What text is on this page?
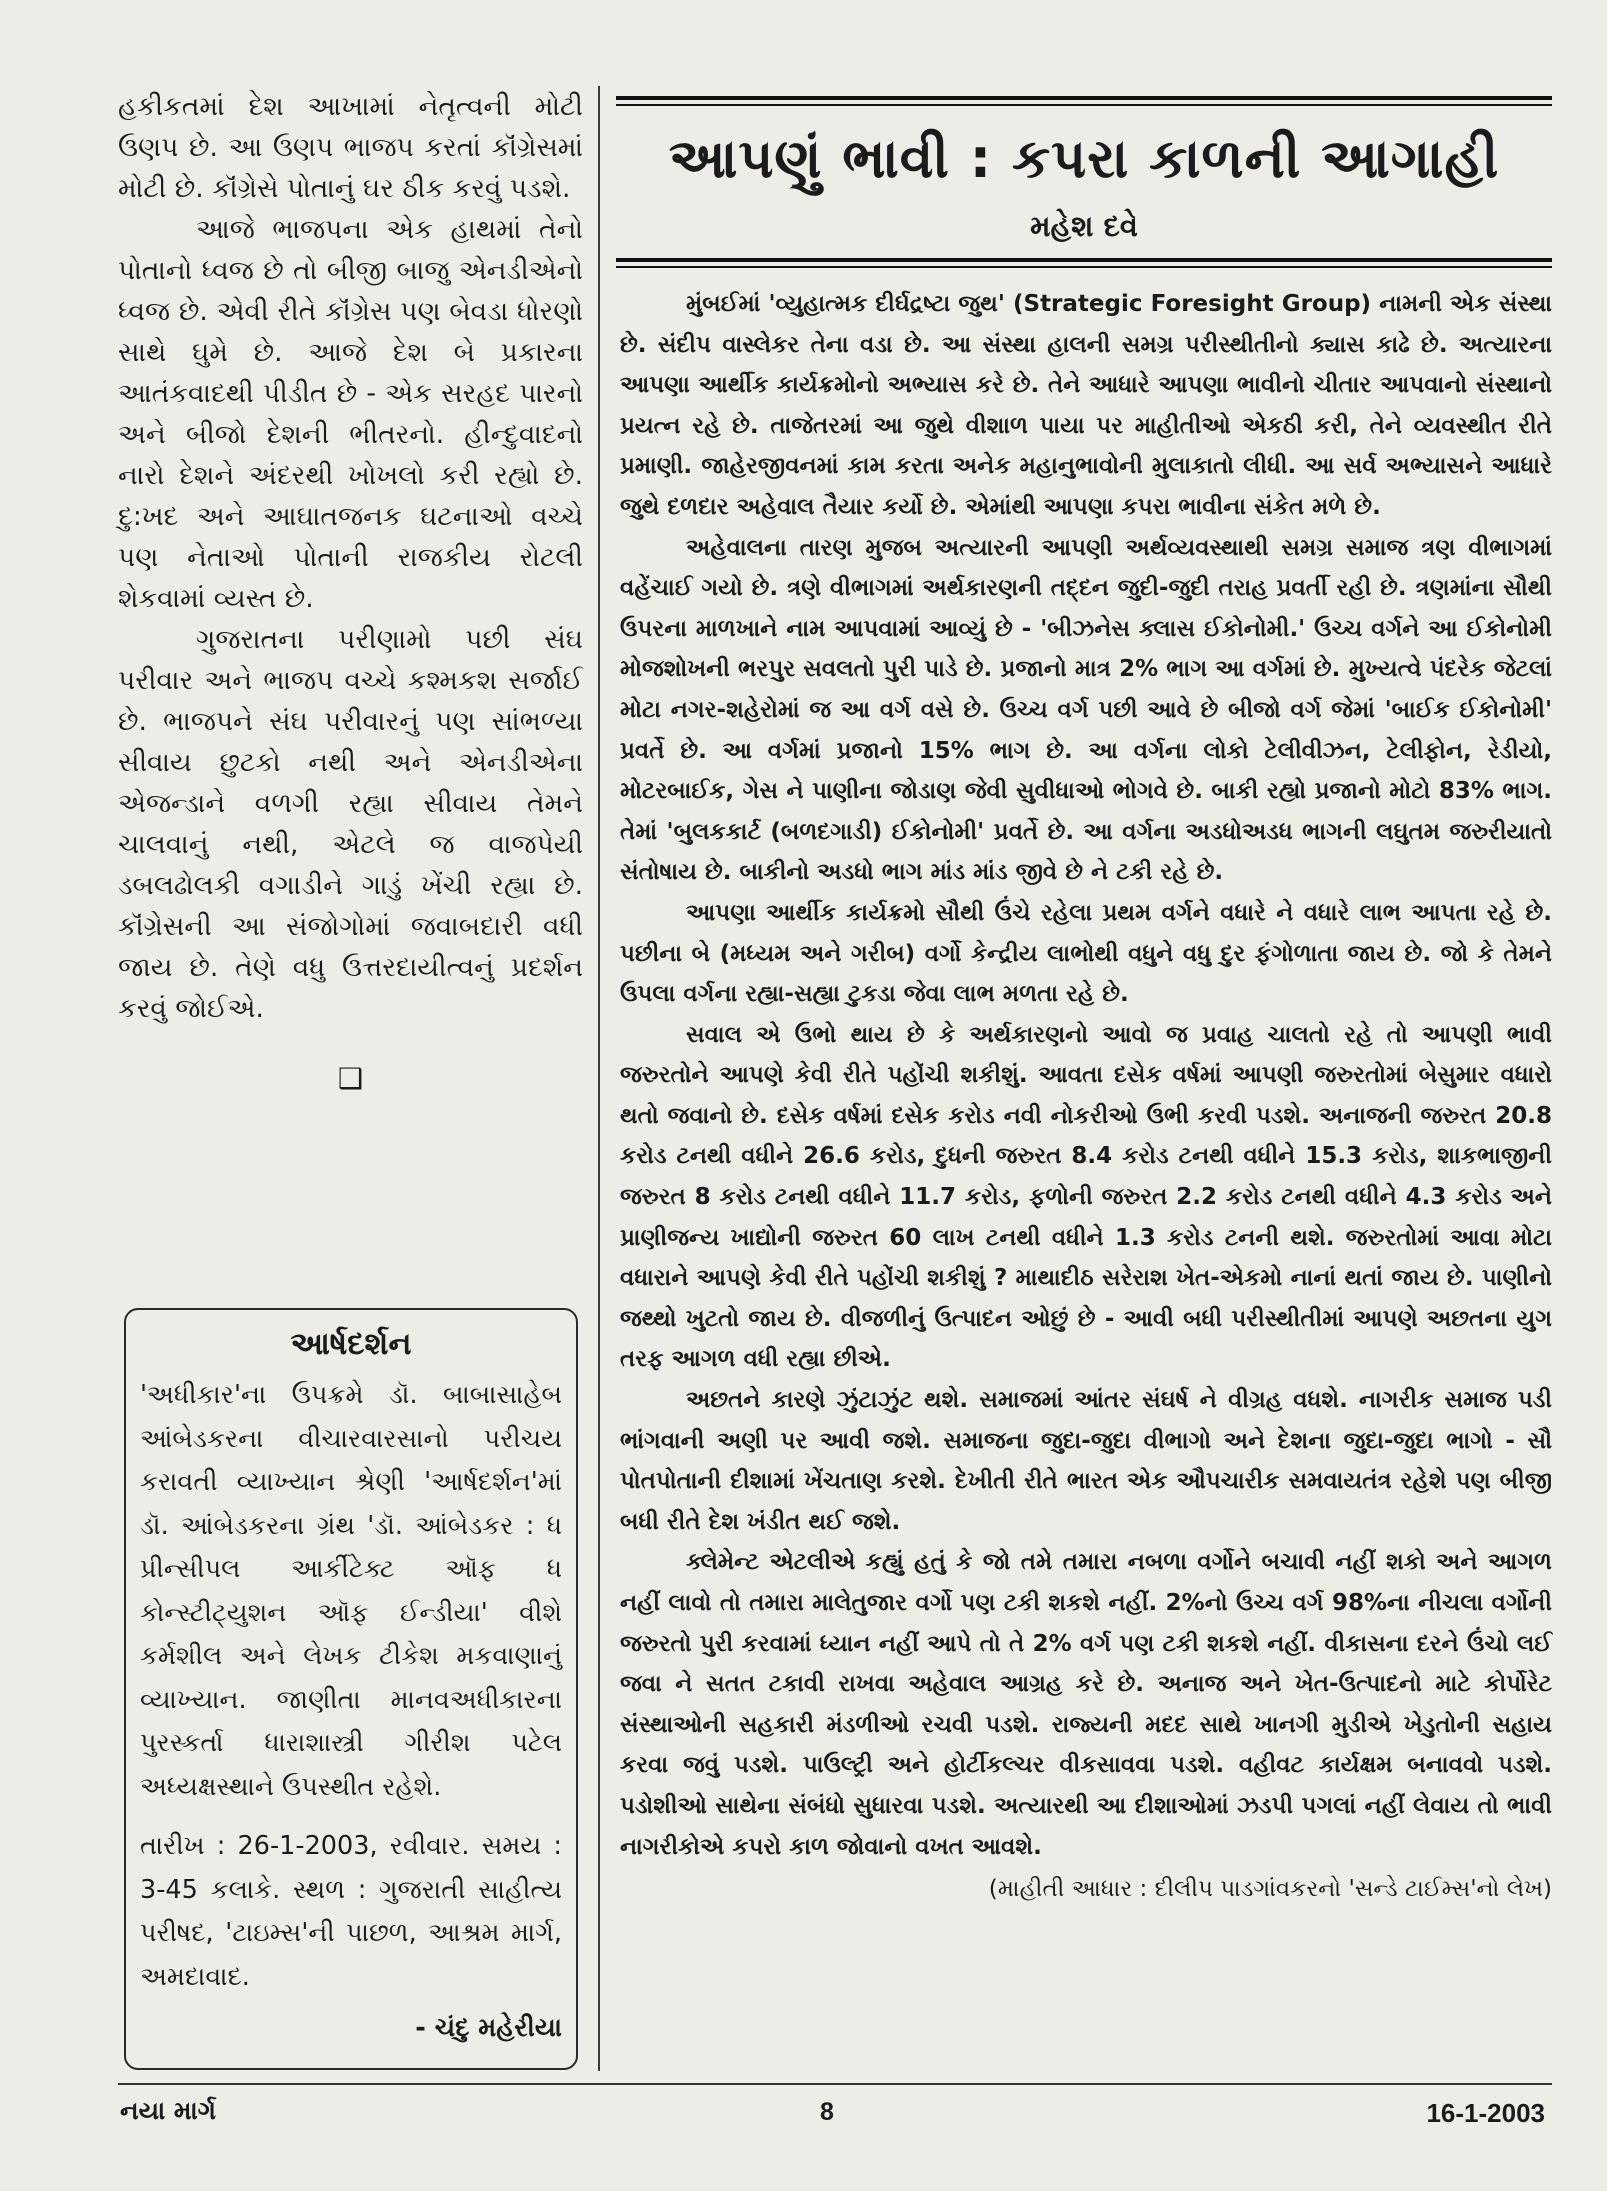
હકીકતમાં દેશ આખામાં નેતૃત્વની મોટી ઉણપ છે. આ ઉણપ ભાજપ કરતાં કૉંગ્રેસમાં મોટી છે. કૉંગ્રેસે પોતાનું ઘર ઠીક કરવું પડશે.

આજે ભાજપના એક હાથમાં તેનો પોતાનો ધ્વજ છે તો બીજી બાજુ એનડીએનો ધ્વજ છે. એવી રીતે કૉંગ્રેસ પણ બેવડા ધોરણો સાથે ઘુમે છે. આજે દેશ બે પ્રકારના આતંકવાદથી પીડીત છે - એક સરહદ પારનો અને બીજો દેશની ભીતરનો. હીન્દુવાદનો નારો દેશને અંદરથી ખોખલો કરી રહ્યો છે. દુ:ખદ અને આઘાતજનક ઘટનાઓ વચ્ચે પણ નેતાઓ પોતાની રાજકીય રોટલી શેકવામાં વ્યસ્ત છે.

ગુજરાતના પરીણામો પછી સંઘ પરીવાર અને ભાજપ વચ્ચે કશ્મકશ સર્જાઈ છે. ભાજપને સંઘ પરીવારનું પણ સાંભળ્યા સીવાય છુટકો નથી અને એનડીએના એજન્ડાને વળગી રહ્યા સીવાય તેમને ચાલવાનું નથી, એટલે જ વાજપેયી ડબલઢોલકી વગાડીને ગાડું ખેંચી રહ્યા છે. કૉંગ્રેસની આ સંજોગોમાં જવાબદારી વધી જાય છે. તેણે વધુ ઉત્તરદાયીત્વનું પ્રદર્શન કરવું જોઈએ.

❑
આર્ષદર્શન

'અધીકાર'ના ઉપક્રમે ડૉ. બાબાસાહેબ આંબેડકરના વીચારવારસાનો પરીચય કરાવતી વ્યાખ્યાન શ્રેણી 'આર્ષદર્શન'માં ડૉ. આંબેડકરના ગ્રંથ 'ડૉ. આંબેડકર : ધ પ્રીન્સીપલ આર્કીટેક્ટ ઑફ ધ કોન્સ્ટીટ્યુશન ઑફ ઈન્ડીયા' વીશે કર્મશીલ અને લેખક ટીકેશ મકવાણાનું વ્યાખ્યાન. જાણીતા માનવઅધીકારના પુરસ્કર્તા ધારાશાસ્ત્રી ગીરીશ પટેલ અધ્યક્ષસ્થાને ઉપસ્થીત રહેશે.

તારીખ : 26-1-2003, રવીવાર. સમય : 3-45 કલાકે. સ્થળ : ગુજરાતી સાહીત્ય પરીષદ, 'ટાઇમ્સ'ની પાછળ, આશ્રમ માર્ગ, અમદાવાદ.

- ચંદુ મહેરીયા

આપણું ભાવી : કપરા કાળની આગાહી
મહેશ દવે

મુંબઈમાં 'વ્યુહાત્મક દીર્ઘદ્રષ્ટા જુથ' (Strategic Foresight Group) નામની એક સંસ્થા છે. સંદીપ વાસ્લેકર તેના વડા છે. આ સંસ્થા હાલની સમગ્ર પરીસ્થીતીનો ક્યાસ કાઢે છે. અત્યારના આપણા આર્થીક કાર્યક્રમોનો અભ્યાસ કરે છે. તેને આધારે આપણા ભાવીનો ચીતાર આપવાનો સંસ્થાનો પ્રયત્ન રહે છે. તાજેતરમાં આ જુથે વીશાળ પાયા પર માહીતીઓ એકઠી કરી, તેને વ્યવસ્થીત રીતે પ્રમાણી. જાહેરજીવનમાં કામ કરતા અનેક મહાનુભાવોની મુલાકાતો લીધી. આ સર્વ અભ્યાસને આધારે જુથે દળદાર અહેવાલ તૈયાર કર્યો છે. એમાંથી આપણા કપરા ભાવીના સંકેત મળે છે.

અહેવાલના તારણ મુજબ અત્યારની આપણી અર્થવ્યવસ્થાથી સમગ્ર સમાજ ત્રણ વીભાગમાં વહેંચાઈ ગયો છે. ત્રણે વીભાગમાં અર્થકારણની તદ્દન જુદી-જુદી તરાહ પ્રવર્તી રહી છે. ત્રણમાંના સૌથી ઉપરના માળખાને નામ આપવામાં આવ્યું છે - 'બીઝનેસ ક્લાસ ઈકોનોમી.' ઉચ્ચ વર્ગને આ ઈકોનોમી મોજશોખની ભરપુર સવલતો પુરી પાડે છે. પ્રજાનો માત્ર 2% ભાગ આ વર્ગમાં છે. મુખ્યત્વે પંદરેક જેટલાં મોટા નગર-શહેરોમાં જ આ વર્ગ વસે છે. ઉચ્ચ વર્ગ પછી આવે છે બીજો વર્ગ જેમાં 'બાઈક ઈકોનોમી' પ્રવર્તે છે. આ વર્ગમાં પ્રજાનો 15% ભાગ છે. આ વર્ગના લોકો ટેલીવીઝન, ટેલીફોન, રેડીયો, મોટરબાઈક, ગેસ ને પાણીના જોડાણ જેવી સુવીધાઓ ભોગવે છે. બાકી રહ્યો પ્રજાનો મોટો 83% ભાગ. તેમાં 'બુલકકાર્ટ (બળદગાડી) ઈકોનોમી' પ્રવર્તે છે. આ વર્ગના અડધોઅડધ ભાગની લઘુતમ જરુરીયાતો સંતોષાય છે. બાકીનો અડધો ભાગ માંડ માંડ જીવે છે ને ટકી રહે છે.

આપણા આર્થીક કાર્યક્રમો સૌથી ઉંચે રહેલા પ્રથમ વર્ગને વધારે ને વધારે લાભ આપતા રહે છે. પછીના બે (મધ્યમ અને ગરીબ) વર્ગો કેન્દ્રીય લાભોથી વધુને વધુ દુર ફંગોળાતા જાય છે. જો કે તેમને ઉપલા વર્ગના રહ્યા-સહ્યા ટુકડા જેવા લાભ મળતા રહે છે.

સવાલ એ ઉભો થાય છે કે અર્થકારણનો આવો જ પ્રવાહ ચાલતો રહે તો આપણી ભાવી જરુરતોને આપણે કેવી રીતે પહોંચી શકીશું. આવતા દસેક વર્ષમાં આપણી જરુરતોમાં બેસુમાર વધારો થતો જવાનો છે. દસેક વર્ષમાં દસેક કરોડ નવી નોકરીઓ ઉભી કરવી પડશે. અનાજની જરુરત 20.8 કરોડ ટનથી વધીને 26.6 કરોડ, દુધની જરુરત 8.4 કરોડ ટનથી વધીને 15.3 કરોડ, શાકભાજીની જરુરત 8 કરોડ ટનથી વધીને 11.7 કરોડ, ફળોની જરુરત 2.2 કરોડ ટનથી વધીને 4.3 કરોડ અને પ્રાણીજન્ય ખાદ્યોની જરુરત 60 લાખ ટનથી વધીને 1.3 કરોડ ટનની થશે. જરુરતોમાં આવા મોટા વધારાને આપણે કેવી રીતે પહોંચી શકીશું ? માથાદીઠ સરેરાશ ખેત-એકમો નાનાં થતાં જાય છે. પાણીનો જથ્થો ખુટતો જાય છે. વીજળીનું ઉત્પાદન ઓછું છે - આવી બધી પરીસ્થીતીમાં આપણે અછતના યુગ તરફ આગળ વધી રહ્યા છીએ.

અછતને કારણે ઝુંટાઝુંટ થશે. સમાજમાં આંતર સંઘર્ષ ને વીગ્રહ વધશે. નાગરીક સમાજ પડી ભાંગવાની અણી પર આવી જશે. સમાજના જુદા-જુદા વીભાગો અને દેશના જુદા-જુદા ભાગો - સૌ પોતપોતાની દીશામાં ખેંચતાણ કરશે. દેખીતી રીતે ભારત એક ઔપચારીક સમવાયતંત્ર રહેશે પણ બીજી બધી રીતે દેશ ખંડીત થઈ જશે.

ક્લેમેન્ટ એટલીએ કહ્યું હતું કે જો તમે તમારા નબળા વર્ગોને બચાવી નહીં શકો અને આગળ નહીં લાવો તો તમારા માલેતુજાર વર્ગો પણ ટકી શકશે નહીં. 2%નો ઉચ્ચ વર્ગ 98%ના નીચલા વર્ગોની જરુરતો પુરી કરવામાં ધ્યાન નહીં આપે તો તે 2% વર્ગ પણ ટકી શકશે નહીં. વીકાસના દરને ઉંચો લઈ જવા ને સતત ટકાવી રાખવા અહેવાલ આગ્રહ કરે છે. અનાજ અને ખેત-ઉત્પાદનો માટે કોર્પોરેટ સંસ્થાઓની સહકારી મંડળીઓ રચવી પડશે. રાજ્યની મદદ સાથે ખાનગી મુડીએ ખેડુતોની સહાય કરવા જવું પડશે. પાઉલ્ટ્રી અને હોર્ટીકલ્ચર વીકસાવવા પડશે. વહીવટ કાર્યક્ષમ બનાવવો પડશે. પડોશીઓ સાથેના સંબંધો સુધારવા પડશે. અત્યારથી આ દીશાઓમાં ઝડપી પગલાં નહીં લેવાય તો ભાવી નાગરીકોએ કપરો કાળ જોવાનો વખત આવશે.

(માહીતી આધાર : દીલીપ પાડગાંવકરનો 'સન્ડે ટાઈમ્સ'નો લેખ)

નયા માર્ગ	8	16-1-2003
